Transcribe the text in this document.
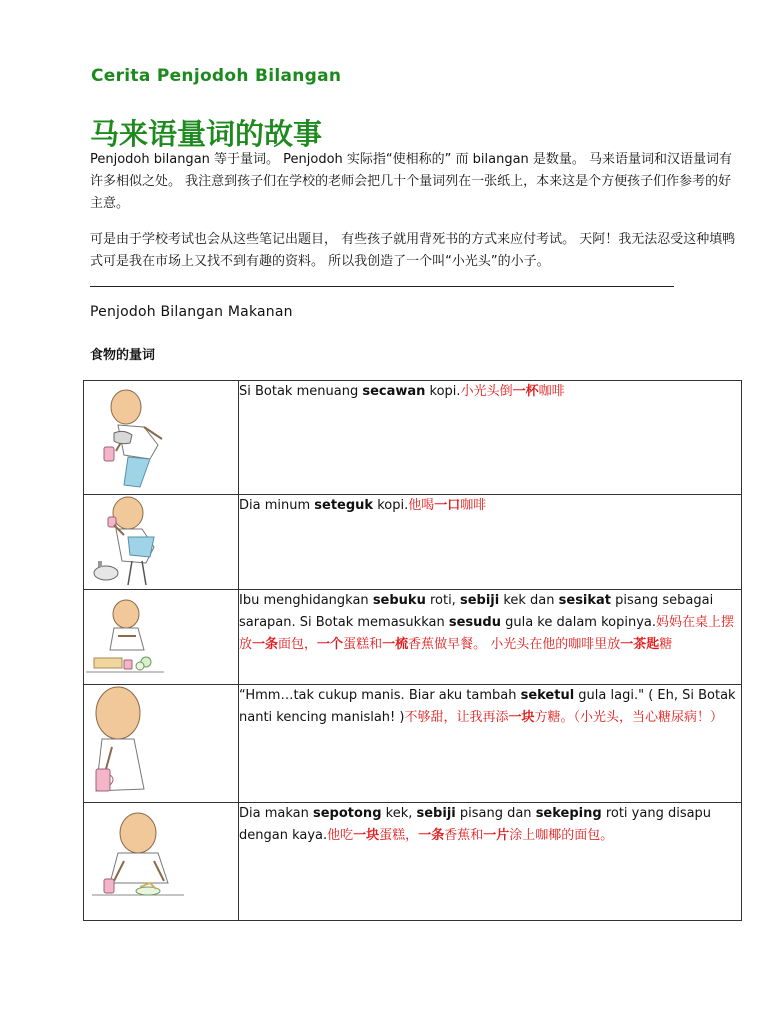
Cerita Penjodoh Bilangan
马来语量词的故事
Penjodoh bilangan 等于量词。 Penjodoh 实际指“使相称的” 而 bilangan 是数量。 马来语量词和汉语量词有许多相似之处。 我注意到孩子们在学校的老师会把几十个量词列在一张纸上，本来这是个方便孩子们作参考的好主意。
可是由于学校考试也会从这些笔记出题目， 有些孩子就用背死书的方式来应付考试。 天阿！我无法忍受这种填鸭式可是我在市场上又找不到有趣的资料。 所以我创造了一个叫“小光头”的小子。
Penjodoh Bilangan Makanan
食物的量词
	Si Botak menuang secawan kopi.小光头倒一杯咖啡

	Dia minum seteguk kopi.他喝一口咖啡

	Ibu menghidangkan sebuku roti, sebiji kek dan sesikat pisang sebagai sarapan. Si Botak memasukkan sesudu gula ke dalam kopinya.妈妈在桌上摆放一条面包，一个蛋糕和一梳香蕉做早餐。 小光头在他的咖啡里放一茶匙糖

	“Hmm…tak cukup manis. Biar aku tambah seketul gula lagi." ( Eh, Si Botak nanti kencing manislah! )不够甜，让我再添一块方糖。（小光头，当心糖尿病！）

	Dia makan sepotong kek, sebiji pisang dan sekeping roti yang disapu dengan kaya.他吃一块蛋糕，一条香蕉和一片涂上咖椰的面包。
